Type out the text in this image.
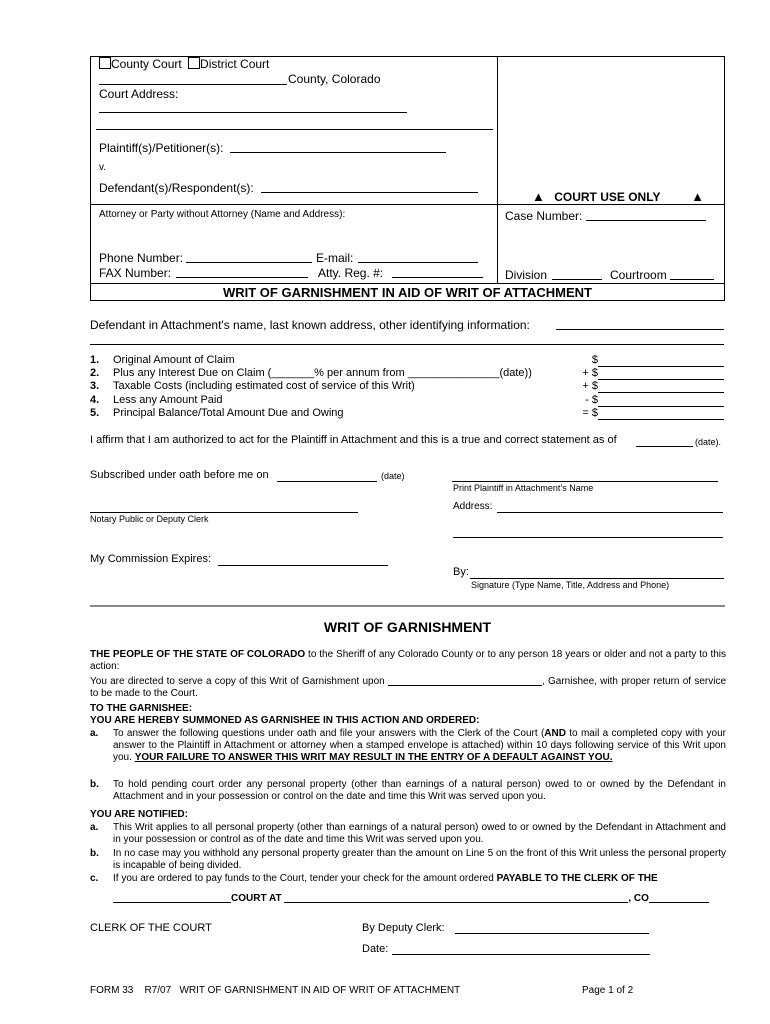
County Court District Court
County, Colorado
Court Address:
Plaintiff(s)/Petitioner(s):
v.
Defendant(s)/Respondent(s):
▲ COURT USE ONLY ▲
Attorney or Party without Attorney (Name and Address):	Case Number:
Phone Number:	E-mail:
FAX Number:	Atty. Reg. #:	Division	Courtroom
WRIT OF GARNISHMENT IN AID OF WRIT OF ATTACHMENT
Defendant in Attachment's name, last known address, other identifying information:
1. Original Amount of Claim	$
2. Plus any Interest Due on Claim (_______% per annum from _______________(date))	+ $
3. Taxable Costs (including estimated cost of service of this Writ)	+ $
4. Less any Amount Paid	- $
5. Principal Balance/Total Amount Due and Owing	= $
I affirm that I am authorized to act for the Plaintiff in Attachment and this is a true and correct statement as of	(date).
Subscribed under oath before me on	(date)
Print Plaintiff in Attachment’s Name
Address:
Notary Public or Deputy Clerk
My Commission Expires:
By:
Signature (Type Name, Title, Address and Phone)
WRIT OF GARNISHMENT
THE PEOPLE OF THE STATE OF COLORADO to the Sheriff of any Colorado County or to any person 18 years or older and not a party to this action:
You are directed to serve a copy of this Writ of Garnishment upon	, Garnishee, with proper return of service to be made to the Court.
TO THE GARNISHEE:
YOU ARE HEREBY SUMMONED AS GARNISHEE IN THIS ACTION AND ORDERED:
a. To answer the following questions under oath and file your answers with the Clerk of the Court (AND to mail a completed copy with your answer to the Plaintiff in Attachment or attorney when a stamped envelope is attached) within 10 days following service of this Writ upon you. YOUR FAILURE TO ANSWER THIS WRIT MAY RESULT IN THE ENTRY OF A DEFAULT AGAINST YOU.
b. To hold pending court order any personal property (other than earnings of a natural person) owed to or owned by the Defendant in Attachment and in your possession or control on the date and time this Writ was served upon you.
YOU ARE NOTIFIED:
a. This Writ applies to all personal property (other than earnings of a natural person) owed to or owned by the Defendant in Attachment and in your possession or control as of the date and time this Writ was served upon you.
b. In no case may you withhold any personal property greater than the amount on Line 5 on the front of this Writ unless the personal property is incapable of being divided.
c. If you are ordered to pay funds to the Court, tender your check for the amount ordered PAYABLE TO THE CLERK OF THE
COURT AT	, CO
CLERK OF THE COURT	By Deputy Clerk:
Date:
FORM 33    R7/07   WRIT OF GARNISHMENT IN AID OF WRIT OF ATTACHMENT	Page 1 of 2
